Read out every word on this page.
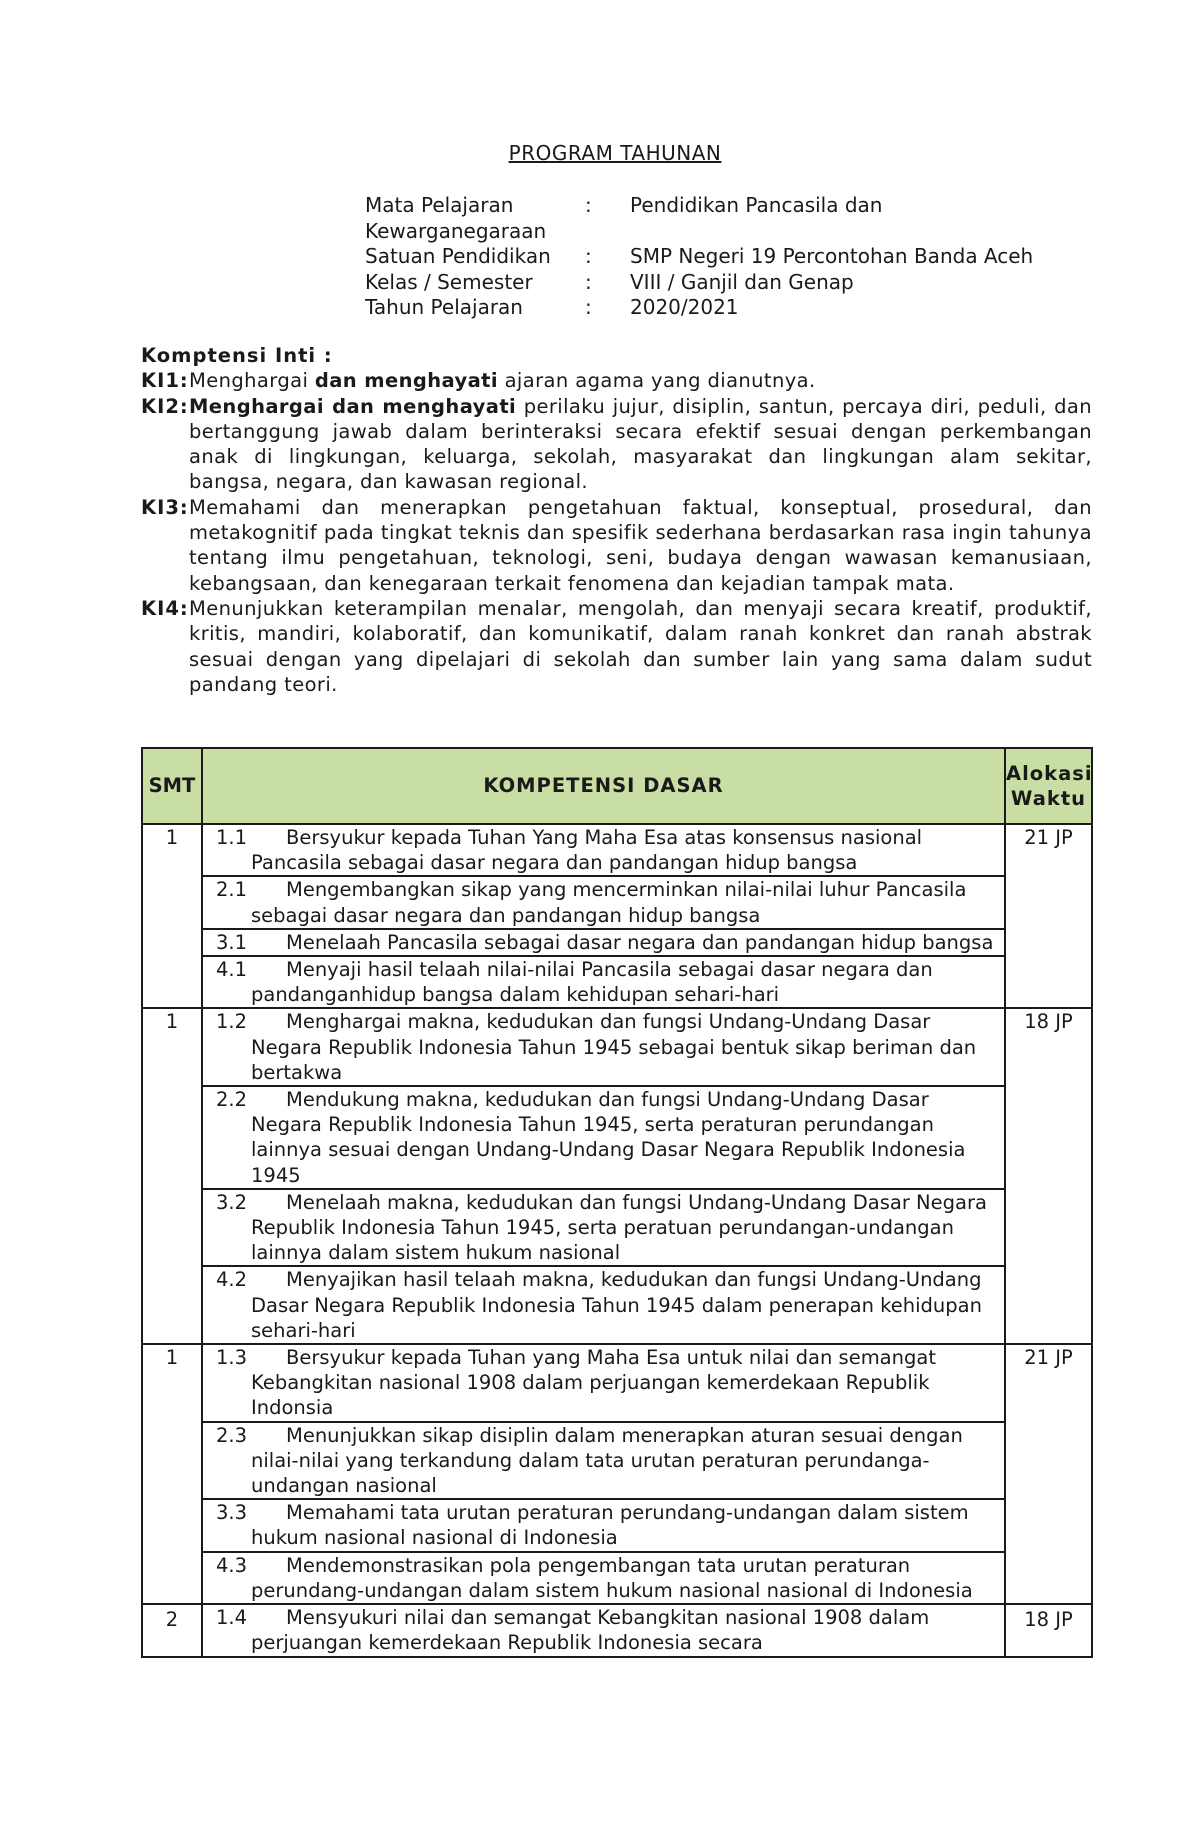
PROGRAM TAHUNAN
Mata Pelajaran	:	Pendidikan Pancasila dan
Kewarganegaraan
Satuan Pendidikan	:	SMP Negeri 19 Percontohan Banda Aceh
Kelas / Semester	:	VIII / Ganjil dan Genap
Tahun Pelajaran	:	2020/2021
Komptensi Inti :
KI1: Menghargai dan menghayati ajaran agama yang dianutnya.
KI2: Menghargai dan menghayati perilaku jujur, disiplin, santun, percaya diri, peduli, dan bertanggung jawab dalam berinteraksi secara efektif sesuai dengan perkembangan anak di lingkungan, keluarga, sekolah, masyarakat dan lingkungan alam sekitar, bangsa, negara, dan kawasan regional.
KI3: Memahami dan menerapkan pengetahuan faktual, konseptual, prosedural, dan metakognitif pada tingkat teknis dan spesifik sederhana berdasarkan rasa ingin tahunya tentang ilmu pengetahuan, teknologi, seni, budaya dengan wawasan kemanusiaan, kebangsaan, dan kenegaraan terkait fenomena dan kejadian tampak mata.
KI4: Menunjukkan keterampilan menalar, mengolah, dan menyaji secara kreatif, produktif, kritis, mandiri, kolaboratif, dan komunikatif, dalam ranah konkret dan ranah abstrak sesuai dengan yang dipelajari di sekolah dan sumber lain yang sama dalam sudut pandang teori.
SMT	KOMPETENSI DASAR	Alokasi Waktu
1	1.1 Bersyukur kepada Tuhan Yang Maha Esa atas konsensus nasional Pancasila sebagai dasar negara dan pandangan hidup bangsa	21 JP

	2.1 Mengembangkan sikap yang mencerminkan nilai-nilai luhur Pancasila sebagai dasar negara dan pandangan hidup bangsa	

	3.1 Menelaah Pancasila sebagai dasar negara dan pandangan hidup bangsa	

	4.1 Menyaji hasil telaah nilai-nilai Pancasila sebagai dasar negara dan pandanganhidup bangsa dalam kehidupan sehari-hari	

1	1.2 Menghargai makna, kedudukan dan fungsi Undang-Undang Dasar Negara Republik Indonesia Tahun 1945 sebagai bentuk sikap beriman dan bertakwa	18 JP

	2.2 Mendukung makna, kedudukan dan fungsi Undang-Undang Dasar Negara Republik Indonesia Tahun 1945, serta peraturan perundangan lainnya sesuai dengan Undang-Undang Dasar Negara Republik Indonesia 1945	

	3.2 Menelaah makna, kedudukan dan fungsi Undang-Undang Dasar Negara Republik Indonesia Tahun 1945, serta peratuan perundangan-undangan lainnya dalam sistem hukum nasional	

	4.2 Menyajikan hasil telaah makna, kedudukan dan fungsi Undang-Undang Dasar Negara Republik Indonesia Tahun 1945 dalam penerapan kehidupan sehari-hari	

1	1.3 Bersyukur kepada Tuhan yang Maha Esa untuk nilai dan semangat Kebangkitan nasional 1908 dalam perjuangan kemerdekaan Republik Indonsia	21 JP

	2.3 Menunjukkan sikap disiplin dalam menerapkan aturan sesuai dengan nilai-nilai yang terkandung dalam tata urutan peraturan perundanga-undangan nasional	

	3.3 Memahami tata urutan peraturan perundang-undangan dalam sistem hukum nasional nasional di Indonesia	

	4.3 Mendemonstrasikan pola pengembangan tata urutan peraturan perundang-undangan dalam sistem hukum nasional nasional di Indonesia	

2	1.4 Mensyukuri nilai dan semangat Kebangkitan nasional 1908 dalam perjuangan kemerdekaan Republik Indonesia secara	18 JP
